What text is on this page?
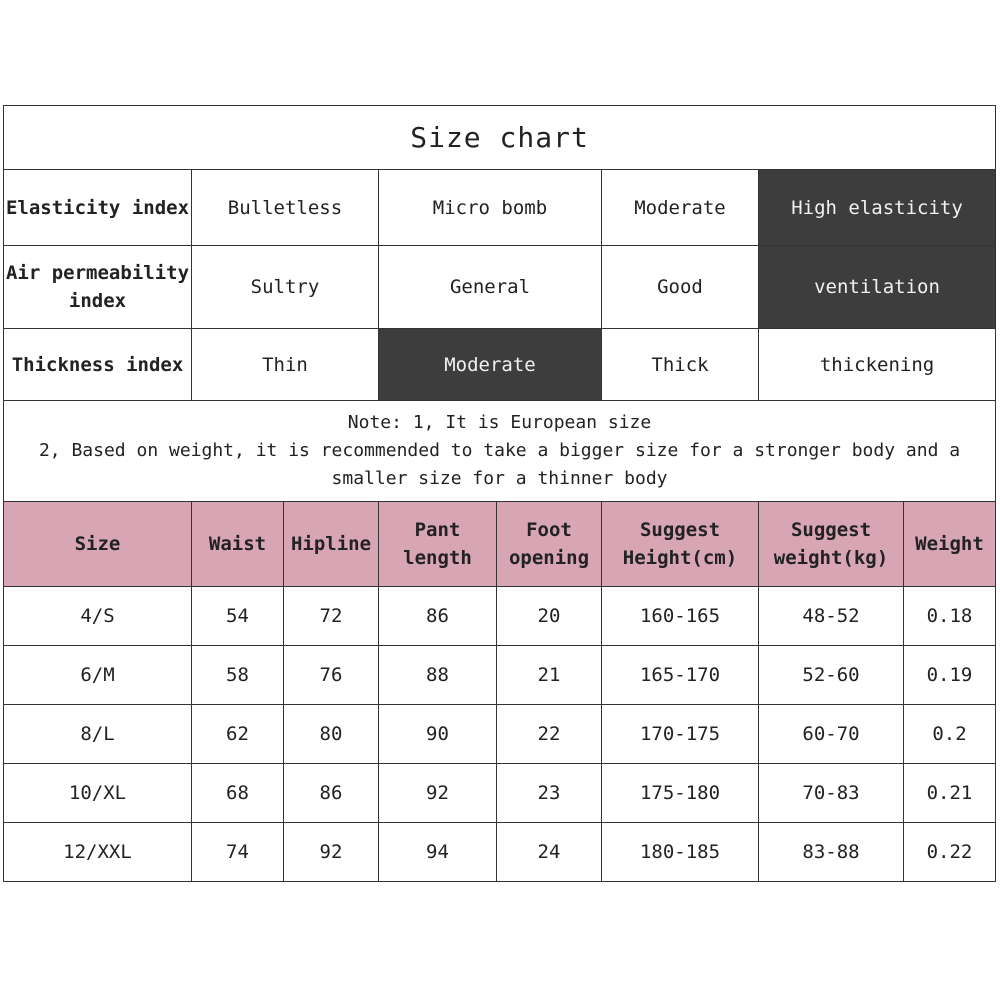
Size chart				
Elasticity index	Bulletless	Micro bomb	Moderate	High elasticity
Air permeability index	Sultry	General	Good	ventilation
Thickness index	Thin	Moderate	Thick	thickening

Note: 1, It is European size
2, Based on weight, it is recommended to take a bigger size for a stronger body and a smaller size for a thinner body				
Size	Waist	Hipline	Pant length	Foot opening	Suggest Height(cm)	Suggest weight(kg)	Weight
4/S	54	72	86	20	160-165	48-52	0.18
6/M	58	76	88	21	165-170	52-60	0.19
8/L	62	80	90	22	170-175	60-70	0.2
10/XL	68	86	92	23	175-180	70-83	0.21
12/XXL	74	92	94	24	180-185	83-88	0.22
